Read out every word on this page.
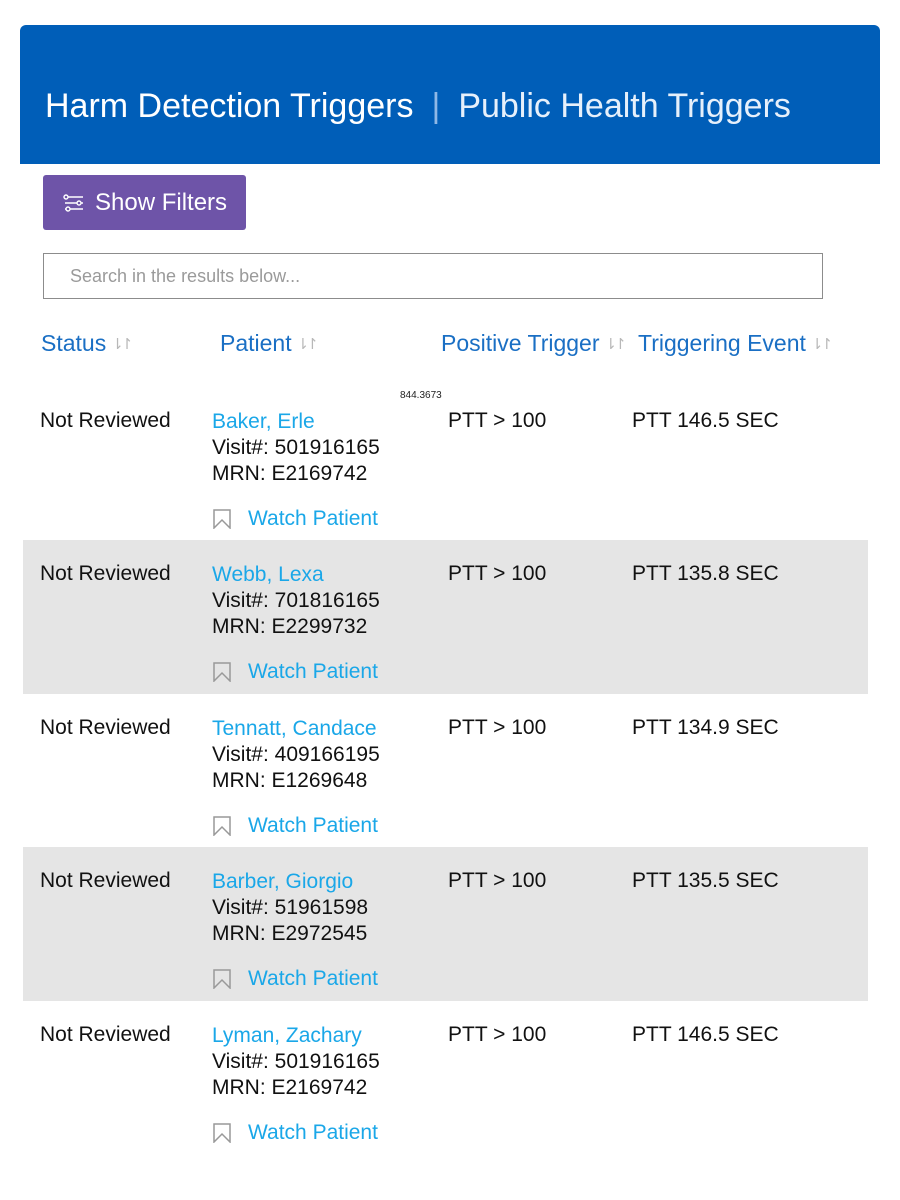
Harm Detection Triggers | Public Health Triggers
Show Filters
Search in the results below...
Status ⇂↾	Patient ⇂↾	Positive Trigger ⇂↾ Triggering Event ⇂↾
844.3673
Not Reviewed Baker, Erle
Visit#: 501916165
MRN: E2169742
PTT > 100	PTT 146.5 SEC
Watch Patient
Not Reviewed Webb, Lexa
Visit#: 701816165
MRN: E2299732
PTT > 100	PTT 135.8 SEC
Watch Patient
Not Reviewed Tennatt, Candace
Visit#: 409166195
MRN: E1269648
PTT > 100	PTT 134.9 SEC
Watch Patient
Not Reviewed Barber, Giorgio
Visit#: 51961598
MRN: E2972545
PTT > 100	PTT 135.5 SEC
Watch Patient
Not Reviewed Lyman, Zachary
Visit#: 501916165
MRN: E2169742
PTT > 100	PTT 146.5 SEC
Watch Patient
